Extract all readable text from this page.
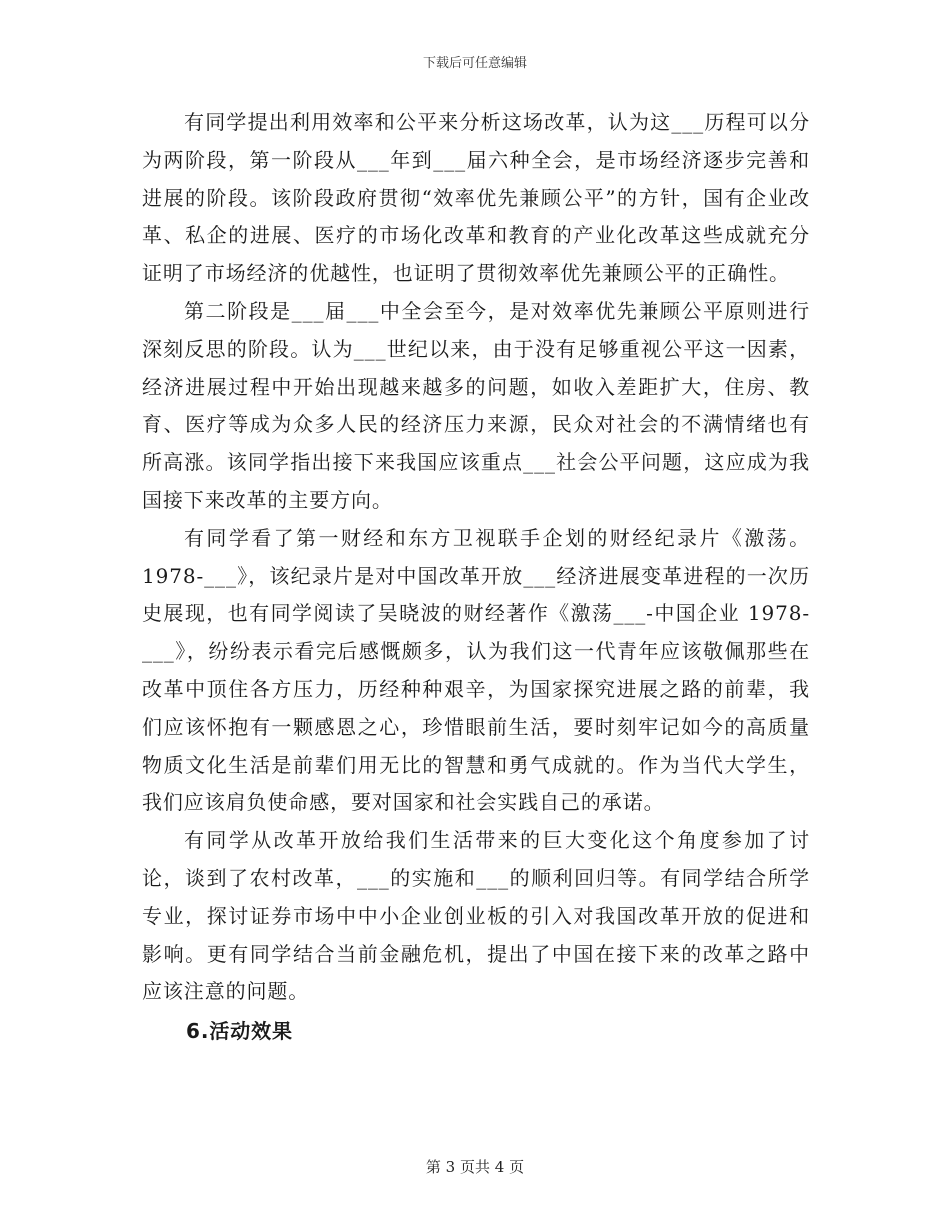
下载后可任意编辑

有同学提出利用效率和公平来分析这场改革，认为这___历程可以分为两阶段，第一阶段从___年到___届六种全会，是市场经济逐步完善和进展的阶段。该阶段政府贯彻“效率优先兼顾公平”的方针，国有企业改革、私企的进展、医疗的市场化改革和教育的产业化改革这些成就充分证明了市场经济的优越性，也证明了贯彻效率优先兼顾公平的正确性。

第二阶段是___届___中全会至今，是对效率优先兼顾公平原则进行深刻反思的阶段。认为___世纪以来，由于没有足够重视公平这一因素，经济进展过程中开始出现越来越多的问题，如收入差距扩大，住房、教育、医疗等成为众多人民的经济压力来源，民众对社会的不满情绪也有所高涨。该同学指出接下来我国应该重点___社会公平问题，这应成为我国接下来改革的主要方向。

有同学看了第一财经和东方卫视联手企划的财经纪录片《激荡。1978-___》，该纪录片是对中国改革开放___经济进展变革进程的一次历史展现，也有同学阅读了吴晓波的财经著作《激荡___-中国企业 1978-___》，纷纷表示看完后感慨颇多，认为我们这一代青年应该敬佩那些在改革中顶住各方压力，历经种种艰辛，为国家探究进展之路的前辈，我们应该怀抱有一颗感恩之心，珍惜眼前生活，要时刻牢记如今的高质量物质文化生活是前辈们用无比的智慧和勇气成就的。作为当代大学生，我们应该肩负使命感，要对国家和社会实践自己的承诺。

有同学从改革开放给我们生活带来的巨大变化这个角度参加了讨论，谈到了农村改革，___的实施和___的顺利回归等。有同学结合所学专业，探讨证券市场中中小企业创业板的引入对我国改革开放的促进和影响。更有同学结合当前金融危机，提出了中国在接下来的改革之路中应该注意的问题。

6.活动效果
第 3 页共 4 页
